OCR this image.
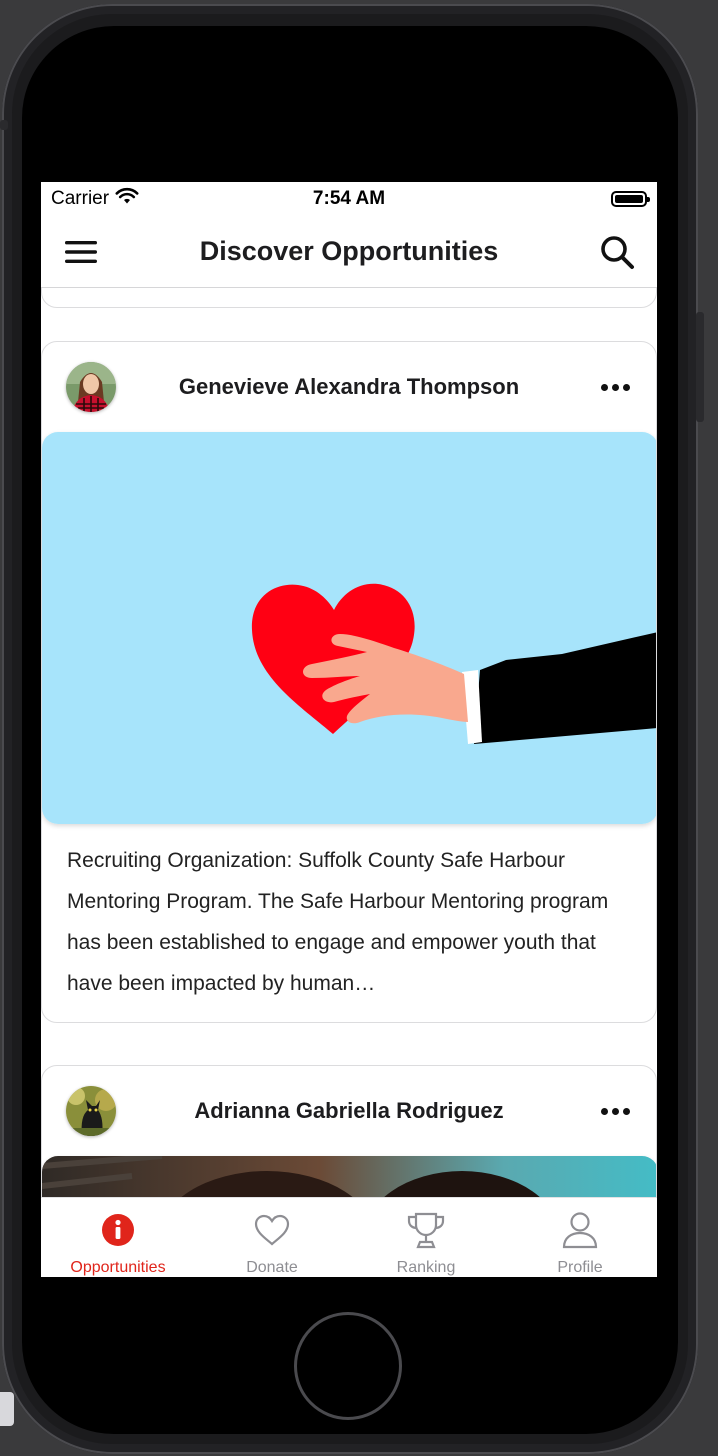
Carrier	7:54 AM
Discover Opportunities
Genevieve Alexandra Thompson
Recruiting Organization: Suffolk County Safe Harbour Mentoring Program. The Safe Harbour Mentoring program has been established to engage and empower youth that have been impacted by human…
Adrianna Gabriella Rodriguez
Opportunities	Donate	Ranking	Profile
